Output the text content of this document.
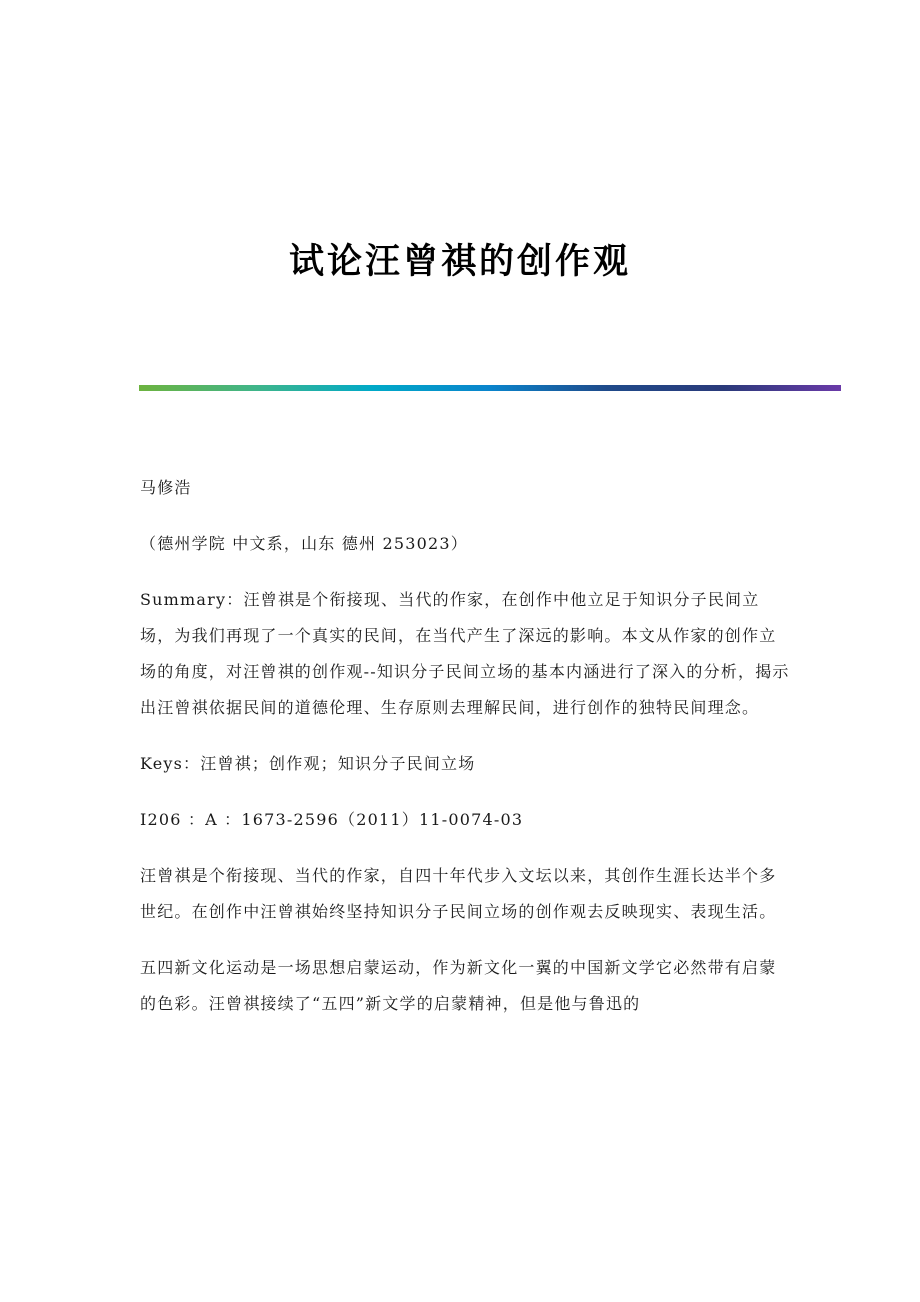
试论汪曾祺的创作观

马修浩

（德州学院 中文系，山东 德州 253023）

Summary：汪曾祺是个衔接现、当代的作家，在创作中他立足于知识分子民间立场，为我们再现了一个真实的民间，在当代产生了深远的影响。本文从作家的创作立场的角度，对汪曾祺的创作观--知识分子民间立场的基本内涵进行了深入的分析，揭示出汪曾祺依据民间的道德伦理、生存原则去理解民间，进行创作的独特民间理念。

Keys：汪曾祺；创作观；知识分子民间立场

I206 ：A ：1673-2596（2011）11-0074-03

汪曾祺是个衔接现、当代的作家，自四十年代步入文坛以来，其创作生涯长达半个多世纪。在创作中汪曾祺始终坚持知识分子民间立场的创作观去反映现实、表现生活。

五四新文化运动是一场思想启蒙运动，作为新文化一翼的中国新文学它必然带有启蒙的色彩。汪曾祺接续了“五四”新文学的启蒙精神，但是他与鲁迅的
